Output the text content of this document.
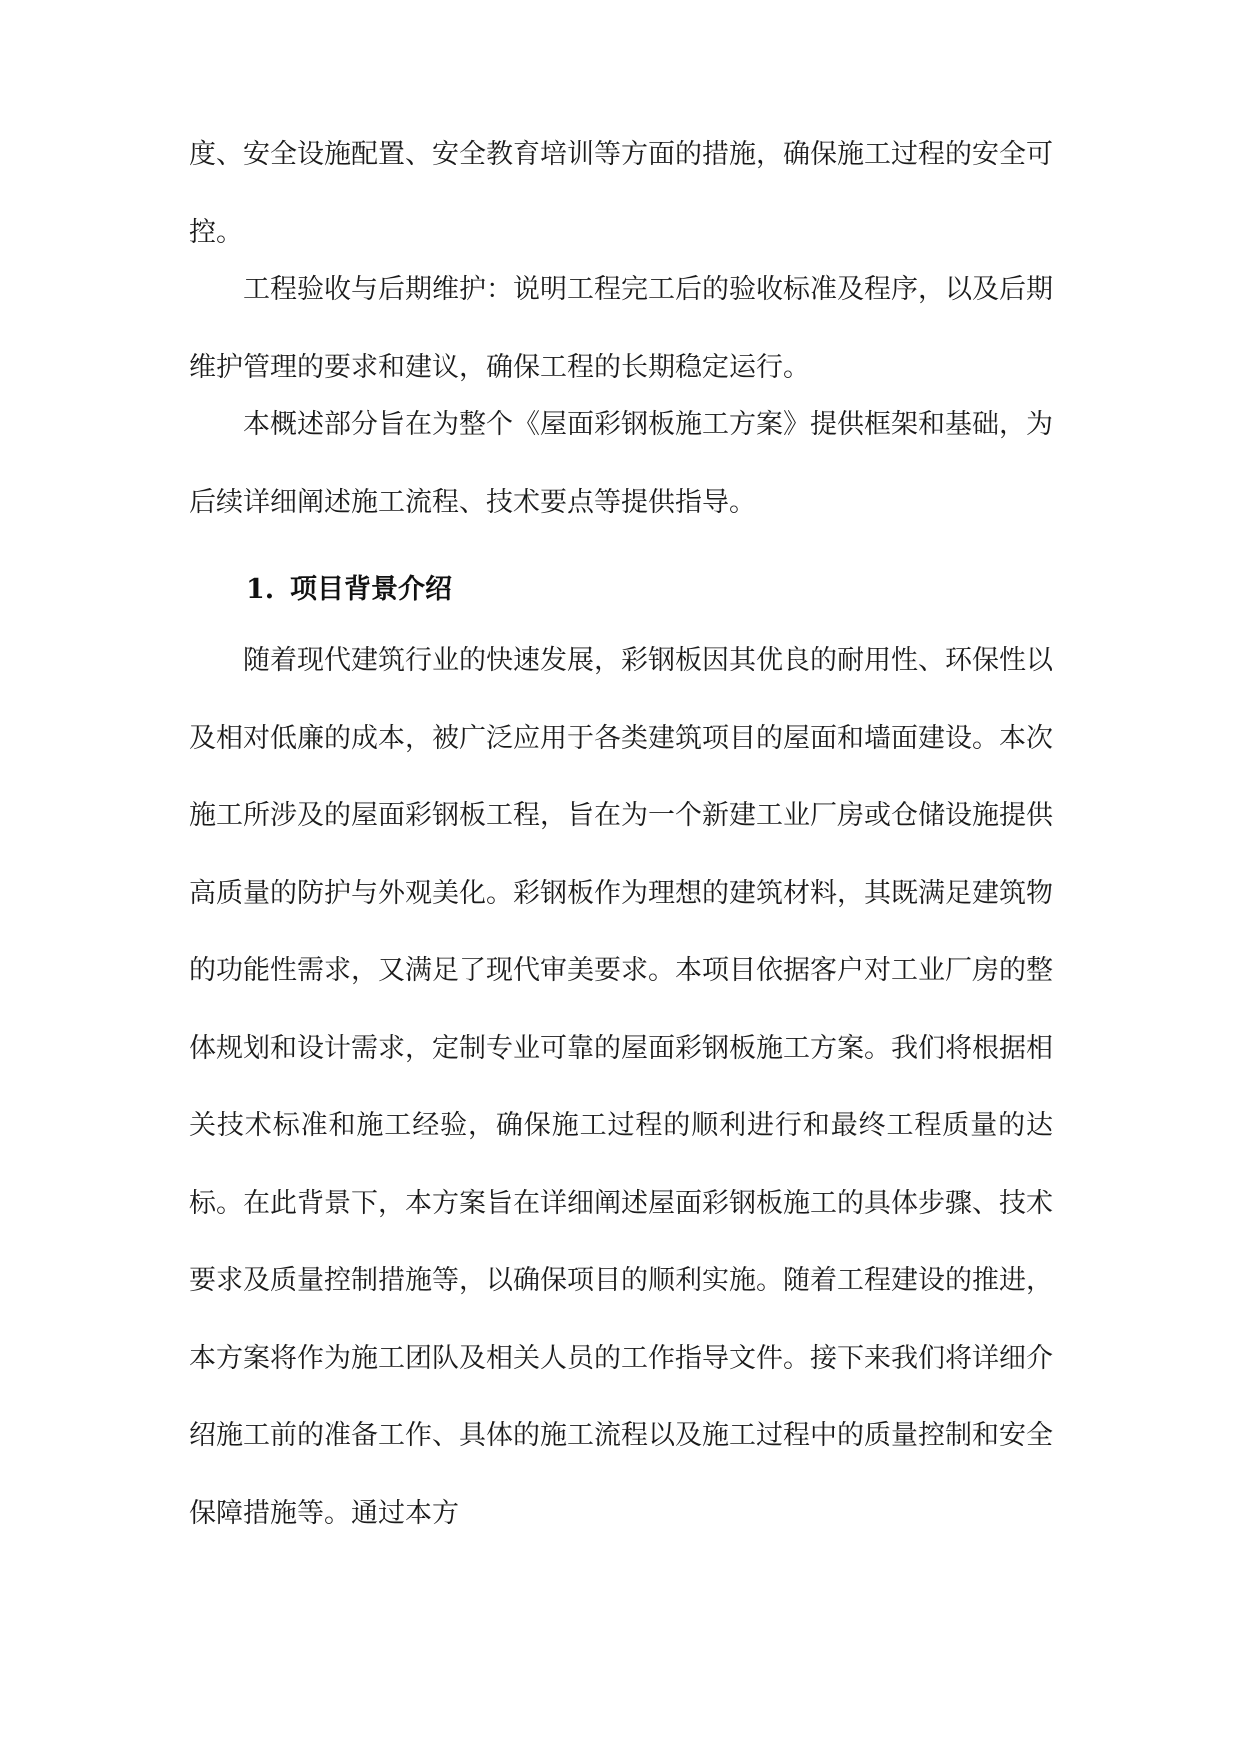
度、安全设施配置、安全教育培训等方面的措施，确保施工过程的安全可控。

工程验收与后期维护：说明工程完工后的验收标准及程序，以及后期维护管理的要求和建议，确保工程的长期稳定运行。

本概述部分旨在为整个《屋面彩钢板施工方案》提供框架和基础，为后续详细阐述施工流程、技术要点等提供指导。

1. 项目背景介绍

随着现代建筑行业的快速发展，彩钢板因其优良的耐用性、环保性以及相对低廉的成本，被广泛应用于各类建筑项目的屋面和墙面建设。本次施工所涉及的屋面彩钢板工程，旨在为一个新建工业厂房或仓储设施提供高质量的防护与外观美化。彩钢板作为理想的建筑材料，其既满足建筑物的功能性需求，又满足了现代审美要求。本项目依据客户对工业厂房的整体规划和设计需求，定制专业可靠的屋面彩钢板施工方案。我们将根据相关技术标准和施工经验，确保施工过程的顺利进行和最终工程质量的达标。在此背景下，本方案旨在详细阐述屋面彩钢板施工的具体步骤、技术要求及质量控制措施等，以确保项目的顺利实施。随着工程建设的推进，本方案将作为施工团队及相关人员的工作指导文件。接下来我们将详细介绍施工前的准备工作、具体的施工流程以及施工过程中的质量控制和安全保障措施等。通过本方
